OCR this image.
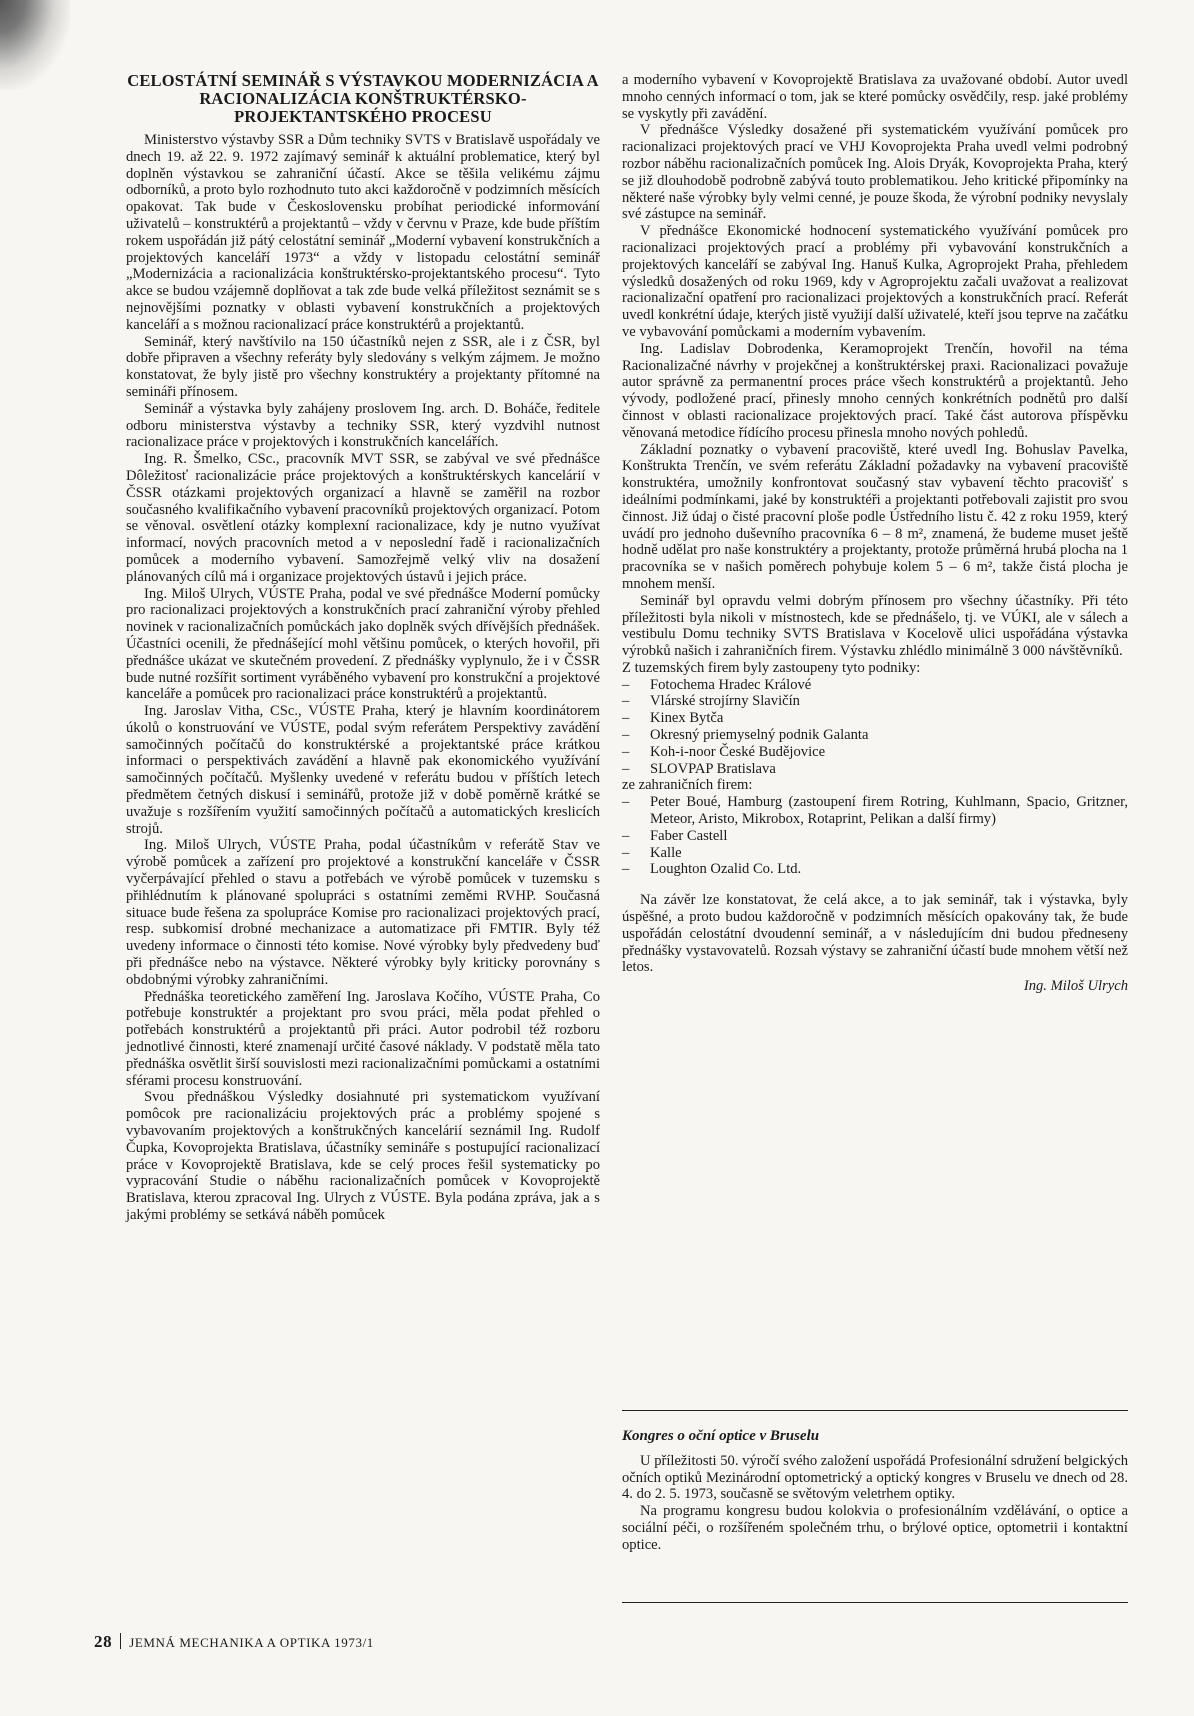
CELOSTÁTNÍ SEMINÁŘ S VÝSTAVKOU MODERNIZÁCIA A RACIONALIZÁCIA KONŠTRUKTÉRSKO-PROJEKTANTSKÉHO PROCESU

Ministerstvo výstavby SSR a Dům techniky SVTS v Bratislavě uspořádaly ve dnech 19. až 22. 9. 1972 zajímavý seminář k aktuální problematice, který byl doplněn výstavkou se zahraniční účastí. Akce se těšila velikému zájmu odborníků, a proto bylo rozhodnuto tuto akci každoročně v podzimních měsících opakovat. Tak bude v Československu probíhat periodické informování uživatelů – konstruktérů a projektantů – vždy v červnu v Praze, kde bude příštím rokem uspořádán již pátý celostátní seminář „Moderní vybavení konstrukčních a projektových kanceláří 1973“ a vždy v listopadu celostátní seminář „Modernizácia a racionalizácia konštruktérsko-projektantského procesu“. Tyto akce se budou vzájemně doplňovat a tak zde bude velká příležitost seznámit se s nejnovějšími poznatky v oblasti vybavení konstrukčních a projektových kanceláří a s možnou racionalizací práce konstruktérů a projektantů.

Seminář, který navštívilo na 150 účastníků nejen z SSR, ale i z ČSR, byl dobře připraven a všechny referáty byly sledovány s velkým zájmem. Je možno konstatovat, že byly jistě pro všechny konstruktéry a projektanty přítomné na semináři přínosem.

Seminář a výstavka byly zahájeny proslovem Ing. arch. D. Boháče, ředitele odboru ministerstva výstavby a techniky SSR, který vyzdvihl nutnost racionalizace práce v projektových i konstrukčních kancelářích.

Ing. R. Šmelko, CSc., pracovník MVT SSR, se zabýval ve své přednášce Dôležitosť racionalizácie práce projektových a konštruktérskych kancelárií v ČSSR otázkami projektových organizací a hlavně se zaměřil na rozbor současného kvalifikačního vybavení pracovníků projektových organizací. Potom se věnoval. osvětlení otázky komplexní racionalizace, kdy je nutno využívat informací, nových pracovních metod a v neposlední řadě i racionalizačních pomůcek a moderního vybavení. Samozřejmě velký vliv na dosažení plánovaných cílů má i organizace projektových ústavů i jejich práce.

Ing. Miloš Ulrych, VÚSTE Praha, podal ve své přednášce Moderní pomůcky pro racionalizaci projektových a konstrukčních prací zahraniční výroby přehled novinek v racionalizačních pomůckách jako doplněk svých dřívějších přednášek. Účastníci ocenili, že přednášející mohl většinu pomůcek, o kterých hovořil, při přednášce ukázat ve skutečném provedení. Z přednášky vyplynulo, že i v ČSSR bude nutné rozšířit sortiment vyráběného vybavení pro konstrukční a projektové kanceláře a pomůcek pro racionalizaci práce konstruktérů a projektantů.

Ing. Jaroslav Vitha, CSc., VÚSTE Praha, který je hlavním koordinátorem úkolů o konstruování ve VÚSTE, podal svým referátem Perspektivy zavádění samočinných počítačů do konstruktérské a projektantské práce krátkou informaci o perspektivách zavádění a hlavně pak ekonomického využívání samočinných počítačů. Myšlenky uvedené v referátu budou v příštích letech předmětem četných diskusí i seminářů, protože již v době poměrně krátké se uvažuje s rozšířením využití samočinných počítačů a automatických kreslicích strojů.

Ing. Miloš Ulrych, VÚSTE Praha, podal účastníkům v referátě Stav ve výrobě pomůcek a zařízení pro projektové a konstrukční kanceláře v ČSSR vyčerpávající přehled o stavu a potřebách ve výrobě pomůcek v tuzemsku s přihlédnutím k plánované spolupráci s ostatními zeměmi RVHP. Současná situace bude řešena za spolupráce Komise pro racionalizaci projektových prací, resp. subkomisí drobné mechanizace a automatizace při FMTIR. Byly též uvedeny informace o činnosti této komise. Nové výrobky byly předvedeny buď při přednášce nebo na výstavce. Některé výrobky byly kriticky porovnány s obdobnými výrobky zahraničními.

Přednáška teoretického zaměření Ing. Jaroslava Kočího, VÚSTE Praha, Co potřebuje konstruktér a projektant pro svou práci, měla podat přehled o potřebách konstruktérů a projektantů při práci. Autor podrobil též rozboru jednotlivé činnosti, které znamenají určité časové náklady. V podstatě měla tato přednáška osvětlit širší souvislosti mezi racionalizačními pomůckami a ostatními sférami procesu konstruování.

Svou přednáškou Výsledky dosiahnuté pri systematickom využívaní pomôcok pre racionalizáciu projektových prác a problémy spojené s vybavovaním projektových a konštrukčných kancelárií seznámil Ing. Rudolf Čupka, Kovoprojekta Bratislava, účastníky semináře s postupující racionalizací práce v Kovoprojektě Bratislava, kde se celý proces řešil systematicky po vypracování Studie o náběhu racionalizačních pomůcek v Kovoprojektě Bratislava, kterou zpracoval Ing. Ulrych z VÚSTE. Byla podána zpráva, jak a s jakými problémy se setkává náběh pomůcek

a moderního vybavení v Kovoprojektě Bratislava za uvažované období. Autor uvedl mnoho cenných informací o tom, jak se které pomůcky osvědčily, resp. jaké problémy se vyskytly při zavádění.

V přednášce Výsledky dosažené při systematickém využívání pomůcek pro racionalizaci projektových prací ve VHJ Kovoprojekta Praha uvedl velmi podrobný rozbor náběhu racionalizačních pomůcek Ing. Alois Dryák, Kovoprojekta Praha, který se již dlouhodobě podrobně zabývá touto problematikou. Jeho kritické připomínky na některé naše výrobky byly velmi cenné, je pouze škoda, že výrobní podniky nevyslaly své zástupce na seminář.

V přednášce Ekonomické hodnocení systematického využívání pomůcek pro racionalizaci projektových prací a problémy při vybavování konstrukčních a projektových kanceláří se zabýval Ing. Hanuš Kulka, Agroprojekt Praha, přehledem výsledků dosažených od roku 1969, kdy v Agroprojektu začali uvažovat a realizovat racionalizační opatření pro racionalizaci projektových a konstrukčních prací. Referát uvedl konkrétní údaje, kterých jistě využijí další uživatelé, kteří jsou teprve na začátku ve vybavování pomůckami a moderním vybavením.

Ing. Ladislav Dobrodenka, Keramoprojekt Trenčín, hovořil na téma Racionalizačné návrhy v projekčnej a konštruktérskej praxi. Racionalizaci považuje autor správně za permanentní proces práce všech konstruktérů a projektantů. Jeho vývody, podložené prací, přinesly mnoho cenných konkrétních podnětů pro další činnost v oblasti racionalizace projektových prací. Také část autorova příspěvku věnovaná metodice řídícího procesu přinesla mnoho nových pohledů.

Základní poznatky o vybavení pracoviště, které uvedl Ing. Bohuslav Pavelka, Konštrukta Trenčín, ve svém referátu Základní požadavky na vybavení pracoviště konstruktéra, umožnily konfrontovat současný stav vybavení těchto pracovišť s ideálními podmínkami, jaké by konstruktéři a projektanti potřebovali zajistit pro svou činnost. Již údaj o čisté pracovní ploše podle Ústředního listu č. 42 z roku 1959, který uvádí pro jednoho duševního pracovníka 6 – 8 m², znamená, že budeme muset ještě hodně udělat pro naše konstruktéry a projektanty, protože průměrná hrubá plocha na 1 pracovníka se v našich poměrech pohybuje kolem 5 – 6 m², takže čistá plocha je mnohem menší.

Seminář byl opravdu velmi dobrým přínosem pro všechny účastníky. Při této příležitosti byla nikoli v místnostech, kde se přednášelo, tj. ve VÚKI, ale v sálech a vestibulu Domu techniky SVTS Bratislava v Kocelově ulici uspořádána výstavka výrobků našich i zahraničních firem. Výstavku zhlédlo minimálně 3 000 návštěvníků.

Z tuzemských firem byly zastoupeny tyto podniky:

– Fotochema Hradec Králové
– Vlárské strojírny Slavičín
– Kinex Bytča
– Okresný priemyselný podnik Galanta
– Koh-i-noor České Budějovice
– SLOVPAP Bratislava

ze zahraničních firem:

– Peter Boué, Hamburg (zastoupení firem Rotring, Kuhlmann, Spacio, Gritzner, Meteor, Aristo, Mikrobox, Rotaprint, Pelikan a další firmy)
– Faber Castell
– Kalle
– Loughton Ozalid Co. Ltd.

Na závěr lze konstatovat, že celá akce, a to jak seminář, tak i výstavka, byly úspěšné, a proto budou každoročně v podzimních měsících opakovány tak, že bude uspořádán celostátní dvoudenní seminář, a v následujícím dni budou předneseny přednášky vystavovatelů. Rozsah výstavy se zahraniční účastí bude mnohem větší než letos.

Ing. Miloš Ulrych
Kongres o oční optice v Bruselu

U příležitosti 50. výročí svého založení uspořádá Profesionální sdružení belgických očních optiků Mezinárodní optometrický a optický kongres v Bruselu ve dnech od 28. 4. do 2. 5. 1973, současně se světovým veletrhem optiky.

Na programu kongresu budou kolokvia o profesionálním vzdělávání, o optice a sociální péči, o rozšířeném společném trhu, o brýlové optice, optometrii i kontaktní optice.

28 JEMNÁ MECHANIKA A OPTIKA 1973/1
